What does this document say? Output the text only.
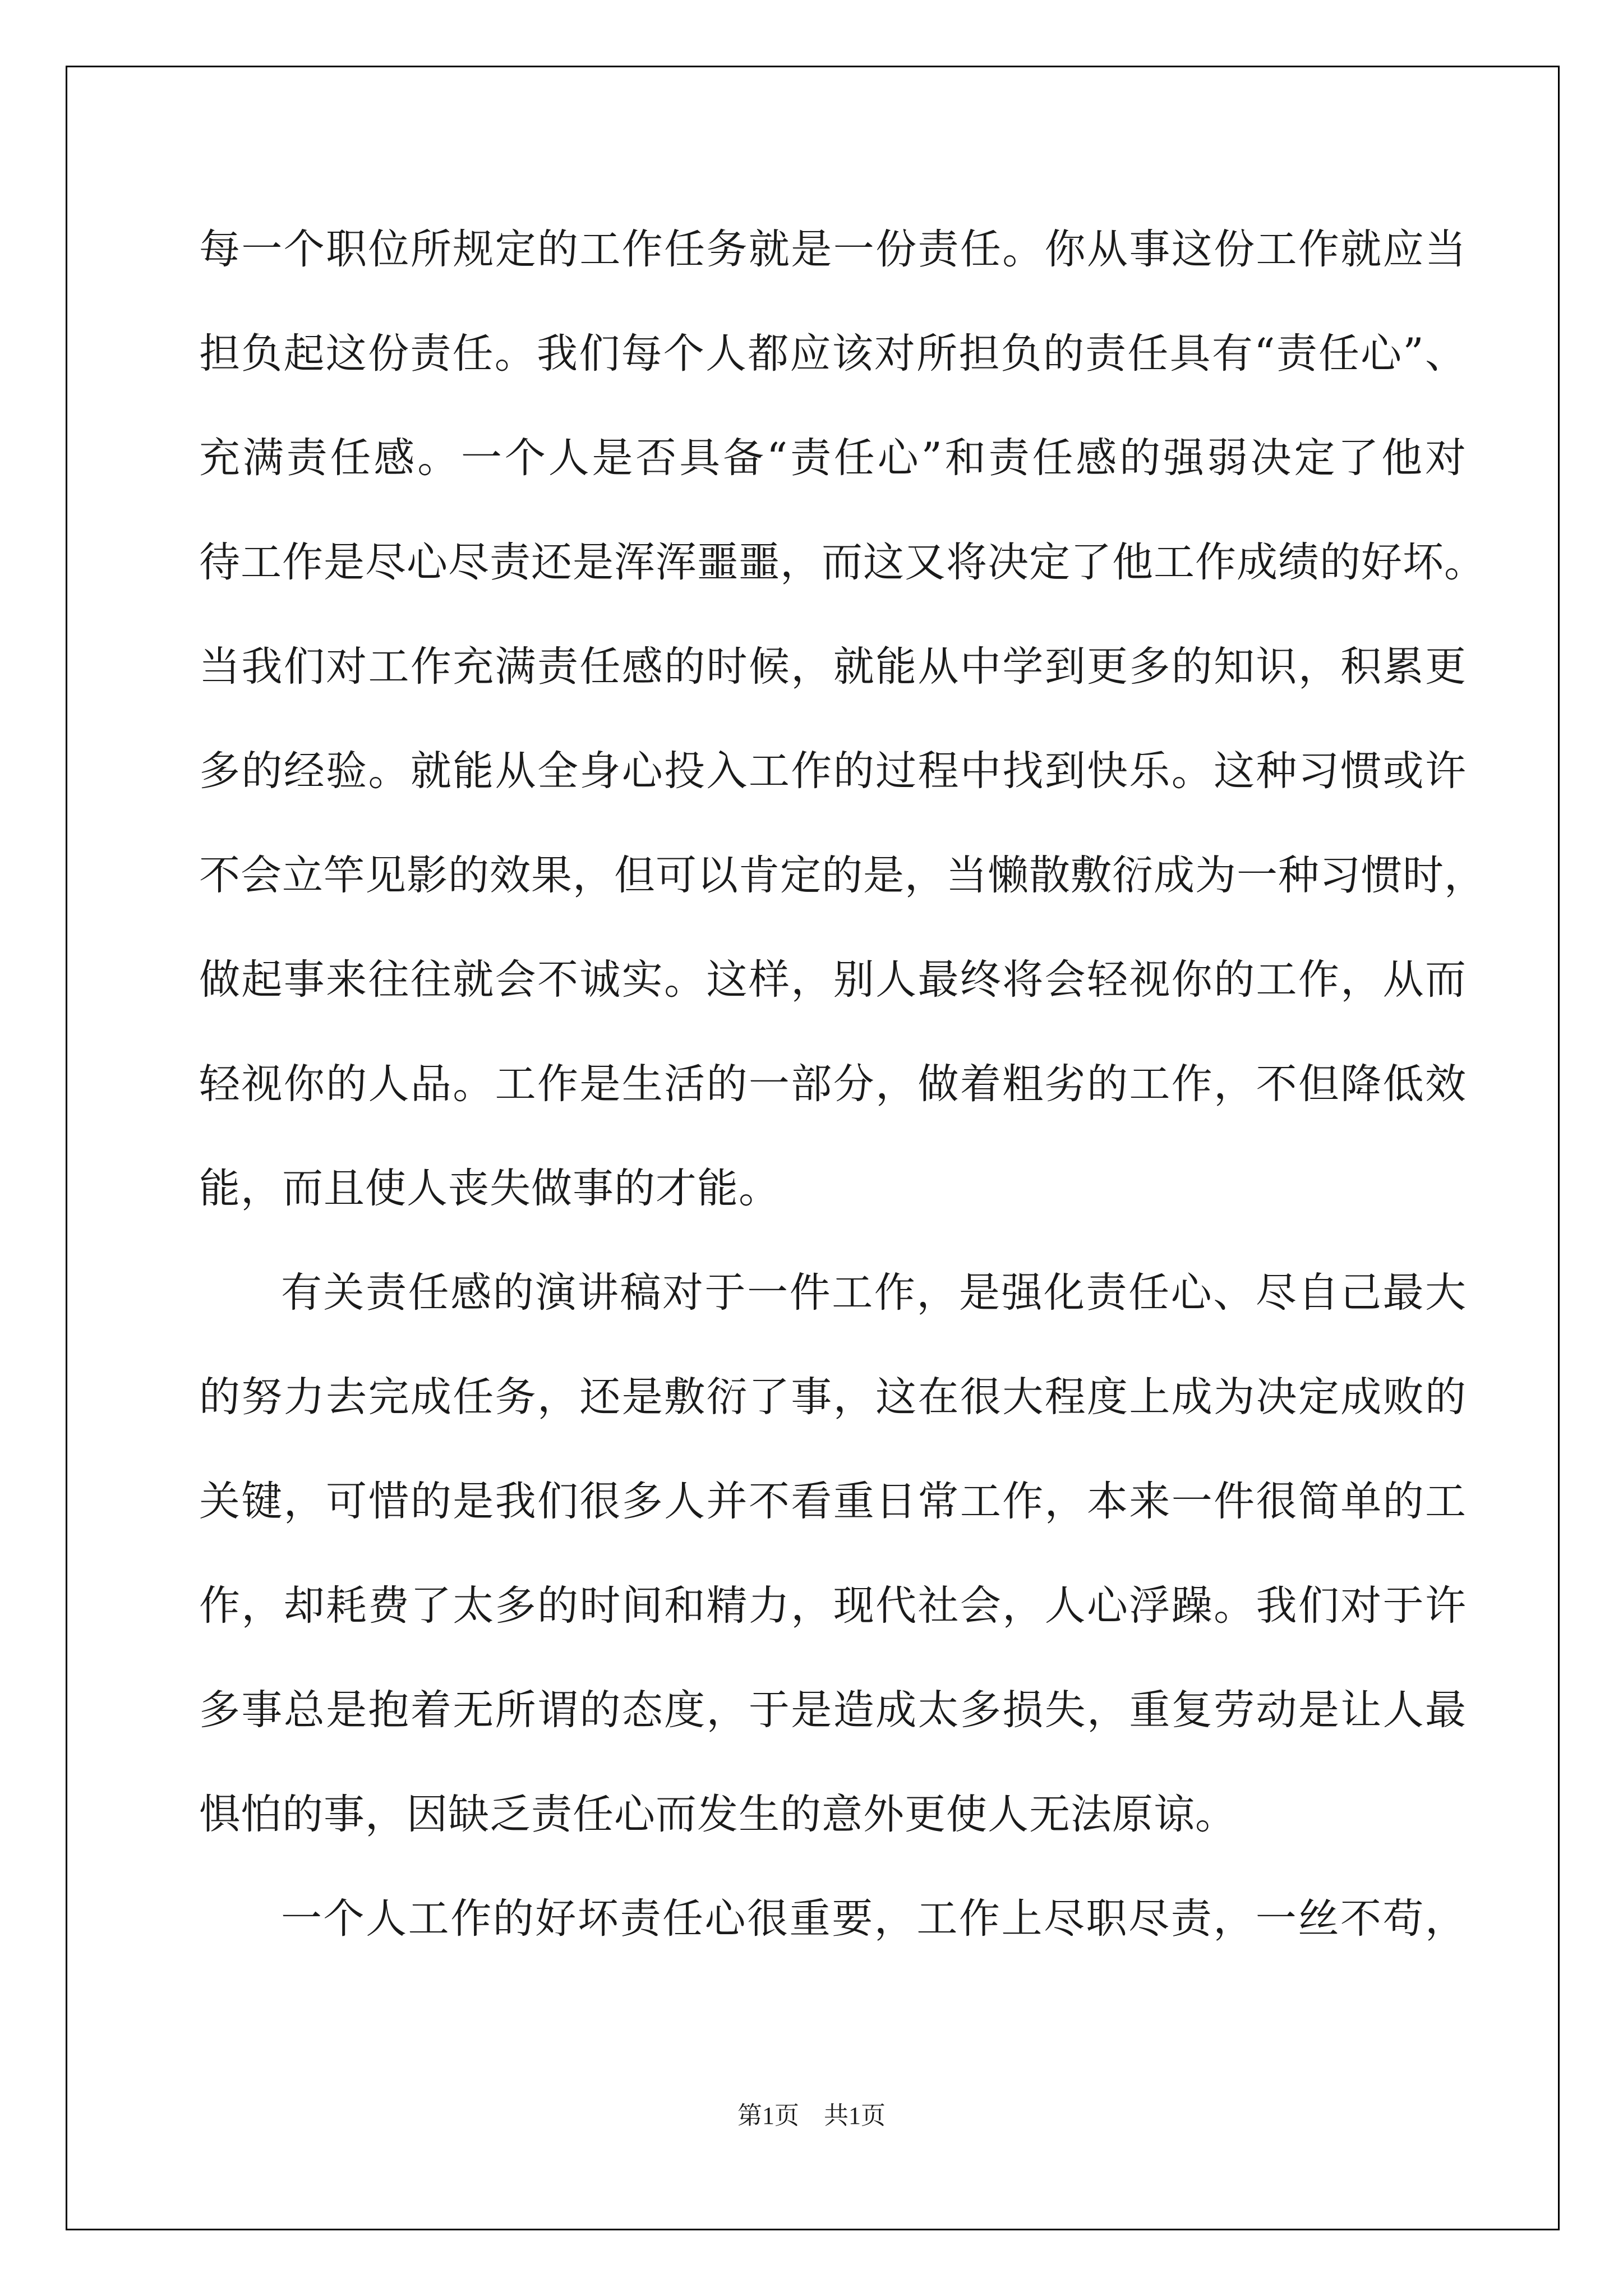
每一个职位所规定的工作任务就是一份责任。你从事这份工作就应当
担负起这份责任。我们每个人都应该对所担负的责任具有“责任心”、
充满责任感。一个人是否具备“责任心”和责任感的强弱决定了他对
待工作是尽心尽责还是浑浑噩噩，而这又将决定了他工作成绩的好坏。
当我们对工作充满责任感的时候，就能从中学到更多的知识，积累更
多的经验。就能从全身心投入工作的过程中找到快乐。这种习惯或许
不会立竿见影的效果，但可以肯定的是，当懒散敷衍成为一种习惯时，
做起事来往往就会不诚实。这样，别人最终将会轻视你的工作，从而
轻视你的人品。工作是生活的一部分，做着粗劣的工作，不但降低效
能，而且使人丧失做事的才能。
有关责任感的演讲稿对于一件工作，是强化责任心、尽自己最大
的努力去完成任务，还是敷衍了事，这在很大程度上成为决定成败的
关键，可惜的是我们很多人并不看重日常工作，本来一件很简单的工
作，却耗费了太多的时间和精力，现代社会，人心浮躁。我们对于许
多事总是抱着无所谓的态度，于是造成太多损失，重复劳动是让人最
惧怕的事，因缺乏责任心而发生的意外更使人无法原谅。
一个人工作的好坏责任心很重要，工作上尽职尽责，一丝不苟，
第1页　共1页
